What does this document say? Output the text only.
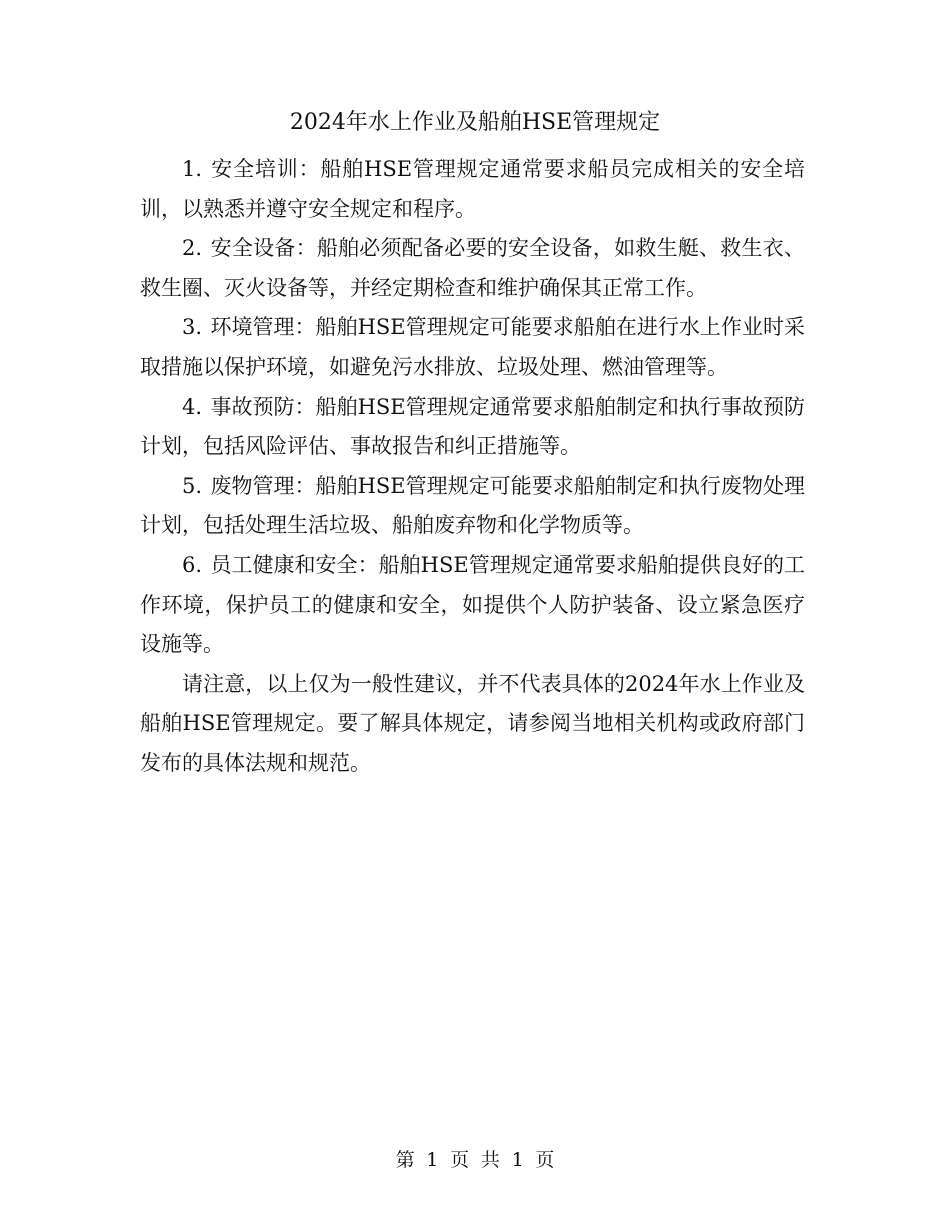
2024年水上作业及船舶HSE管理规定

1. 安全培训：船舶HSE管理规定通常要求船员完成相关的安全培训，以熟悉并遵守安全规定和程序。

2. 安全设备：船舶必须配备必要的安全设备，如救生艇、救生衣、救生圈、灭火设备等，并经定期检查和维护确保其正常工作。

3. 环境管理：船舶HSE管理规定可能要求船舶在进行水上作业时采取措施以保护环境，如避免污水排放、垃圾处理、燃油管理等。

4. 事故预防：船舶HSE管理规定通常要求船舶制定和执行事故预防计划，包括风险评估、事故报告和纠正措施等。

5. 废物管理：船舶HSE管理规定可能要求船舶制定和执行废物处理计划，包括处理生活垃圾、船舶废弃物和化学物质等。

6. 员工健康和安全：船舶HSE管理规定通常要求船舶提供良好的工作环境，保护员工的健康和安全，如提供个人防护装备、设立紧急医疗设施等。

请注意，以上仅为一般性建议，并不代表具体的2024年水上作业及船舶HSE管理规定。要了解具体规定，请参阅当地相关机构或政府部门发布的具体法规和规范。

第 1 页 共 1 页
